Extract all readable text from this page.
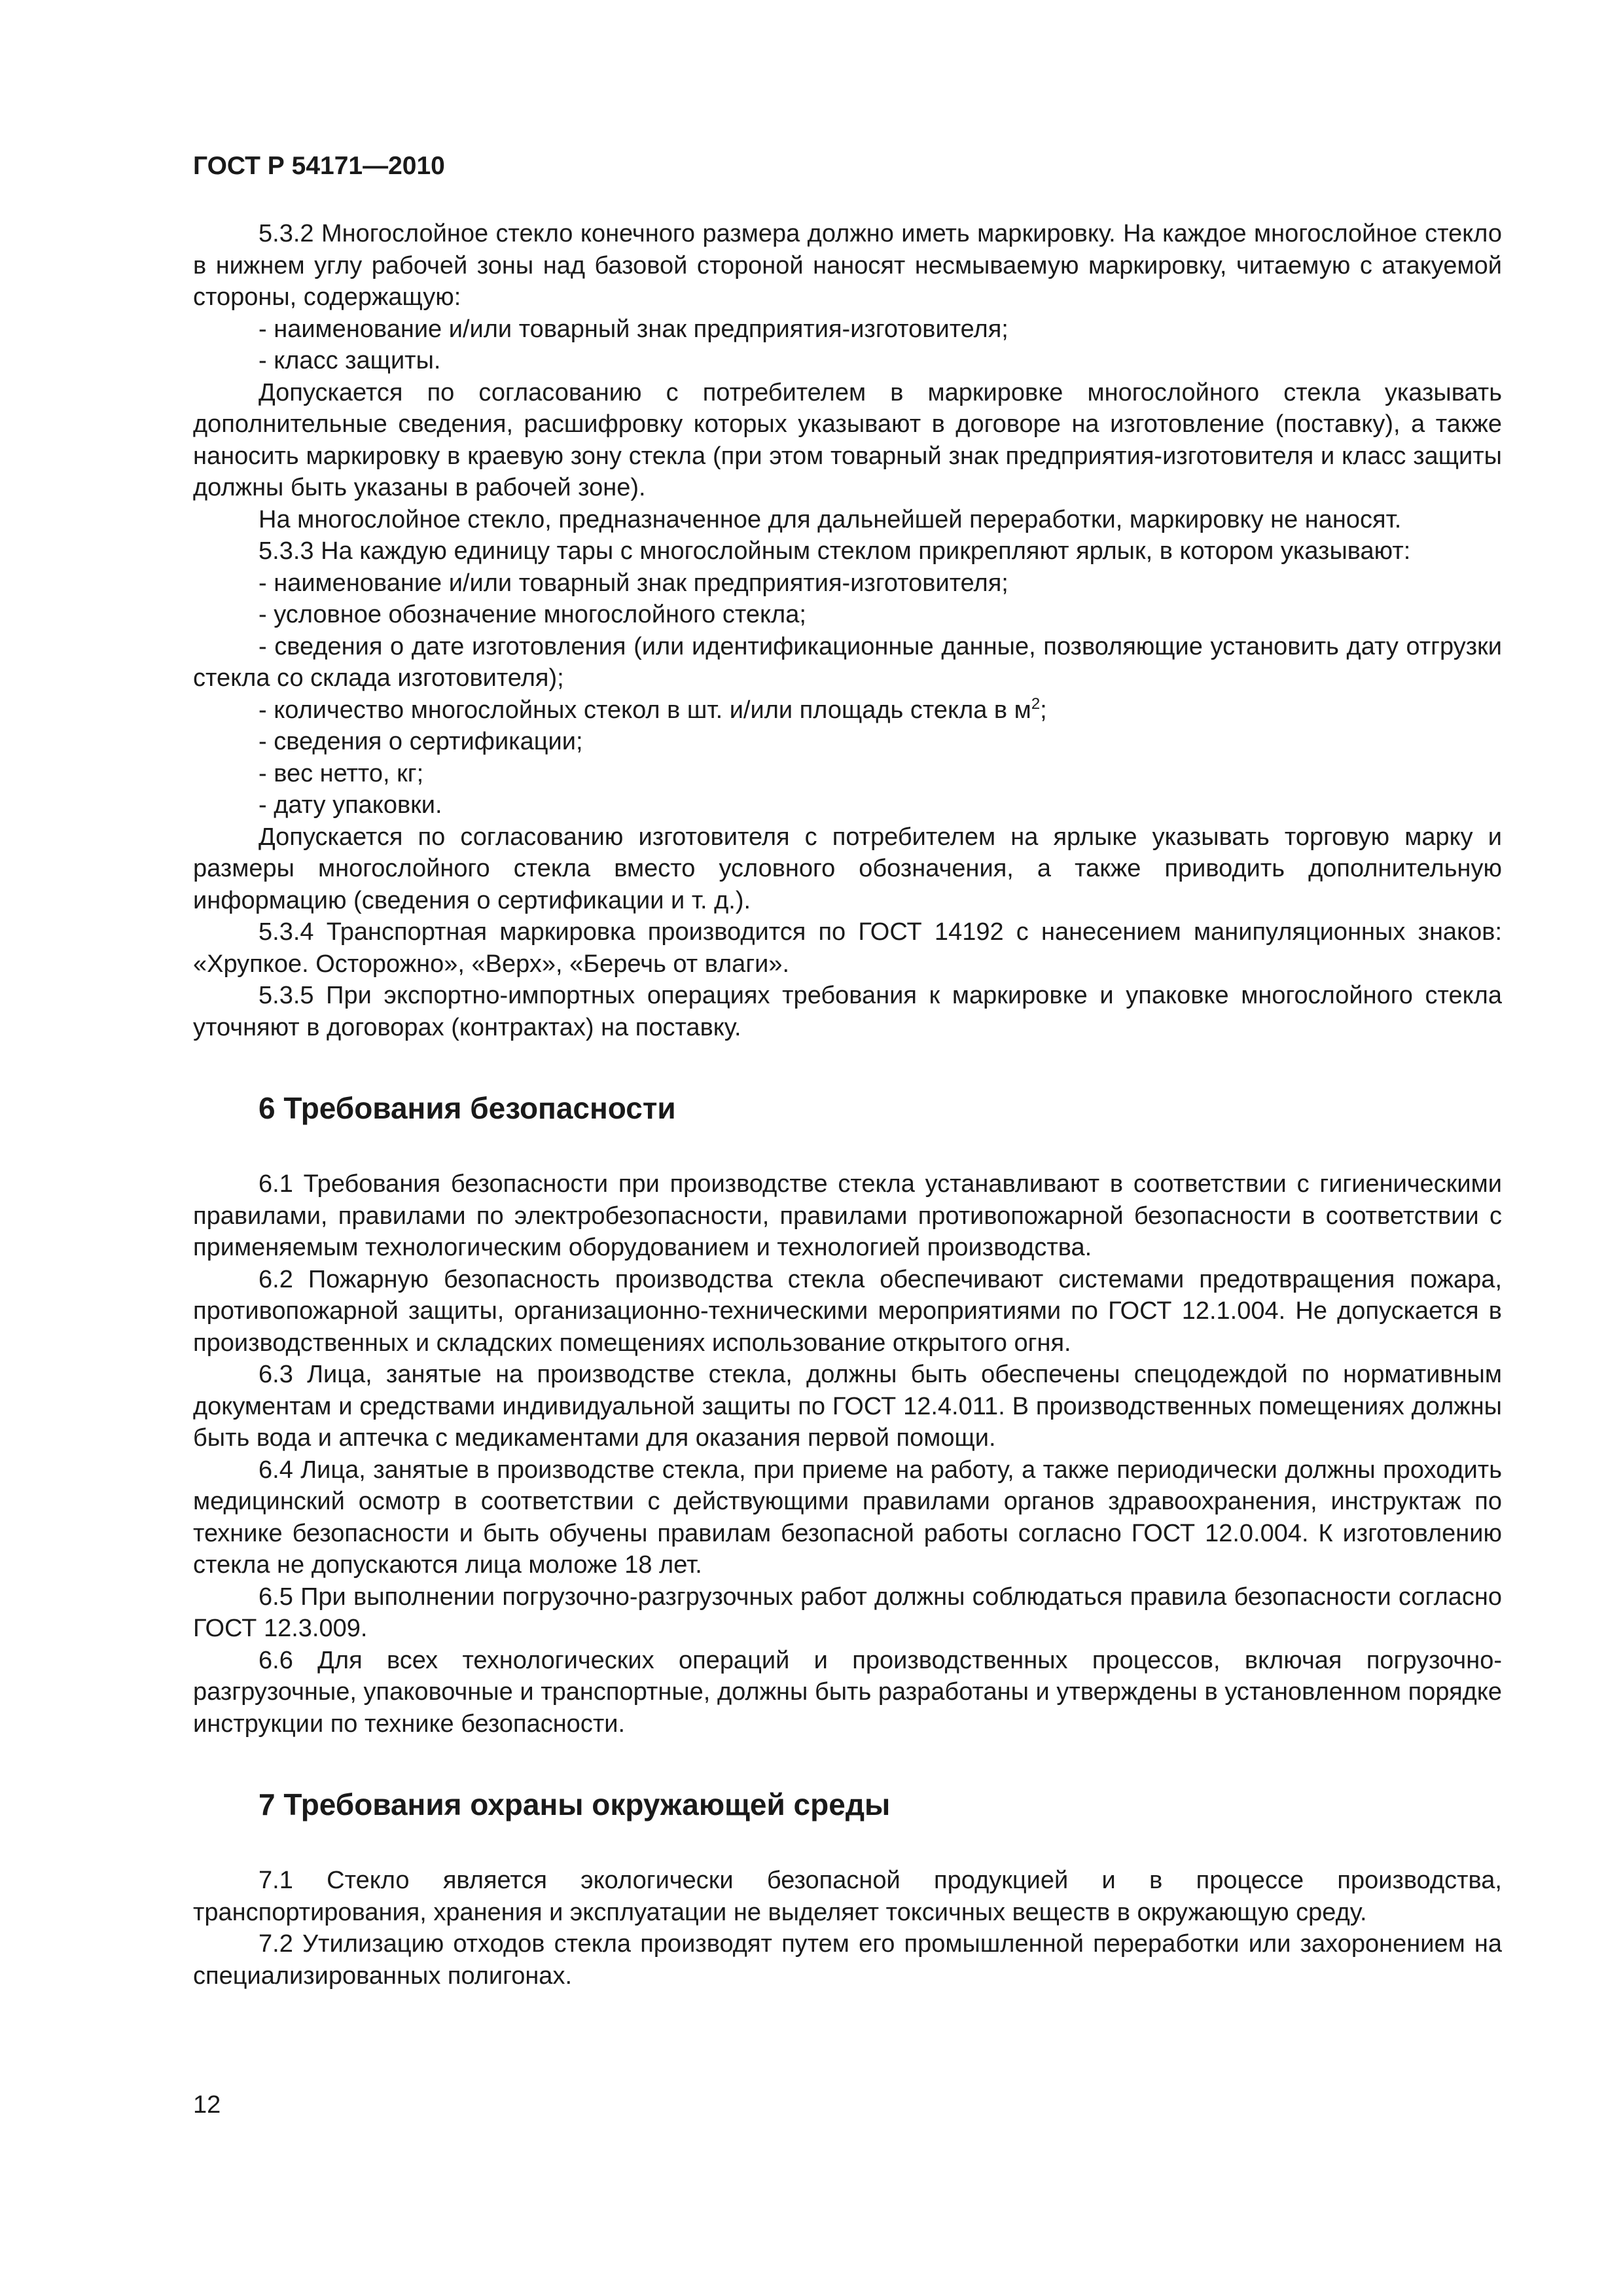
ГОСТ Р 54171—2010

5.3.2 Многослойное стекло конечного размера должно иметь маркировку. На каждое многослойное стекло в нижнем углу рабочей зоны над базовой стороной наносят несмываемую маркировку, читаемую с атакуемой стороны, содержащую:

- наименование и/или товарный знак предприятия-изготовителя;

- класс защиты.

Допускается по согласованию с потребителем в маркировке многослойного стекла указывать дополнительные сведения, расшифровку которых указывают в договоре на изготовление (поставку), а также наносить маркировку в краевую зону стекла (при этом товарный знак предприятия-изготовителя и класс защиты должны быть указаны в рабочей зоне).

На многослойное стекло, предназначенное для дальнейшей переработки, маркировку не наносят.

5.3.3 На каждую единицу тары с многослойным стеклом прикрепляют ярлык, в котором указывают:

- наименование и/или товарный знак предприятия-изготовителя;

- условное обозначение многослойного стекла;

- сведения о дате изготовления (или идентификационные данные, позволяющие установить дату отгрузки стекла со склада изготовителя);

- количество многослойных стекол в шт. и/или площадь стекла в $м^2$;

- сведения о сертификации;

- вес нетто, кг;

- дату упаковки.

Допускается по согласованию изготовителя с потребителем на ярлыке указывать торговую марку и размеры многослойного стекла вместо условного обозначения, а также приводить дополнительную информацию (сведения о сертификации и т. д.).

5.3.4 Транспортная маркировка производится по ГОСТ 14192 с нанесением манипуляционных знаков: «Хрупкое. Осторожно», «Верх», «Беречь от влаги».

5.3.5 При экспортно-импортных операциях требования к маркировке и упаковке многослойного стекла уточняют в договорах (контрактах) на поставку.

6 Требования безопасности

6.1 Требования безопасности при производстве стекла устанавливают в соответствии с гигиеническими правилами, правилами по электробезопасности, правилами противопожарной безопасности в соответствии с применяемым технологическим оборудованием и технологией производства.

6.2 Пожарную безопасность производства стекла обеспечивают системами предотвращения пожара, противопожарной защиты, организационно-техническими мероприятиями по ГОСТ 12.1.004. Не допускается в производственных и складских помещениях использование открытого огня.

6.3 Лица, занятые на производстве стекла, должны быть обеспечены спецодеждой по нормативным документам и средствами индивидуальной защиты по ГОСТ 12.4.011. В производственных помещениях должны быть вода и аптечка с медикаментами для оказания первой помощи.

6.4 Лица, занятые в производстве стекла, при приеме на работу, а также периодически должны проходить медицинский осмотр в соответствии с действующими правилами органов здравоохранения, инструктаж по технике безопасности и быть обучены правилам безопасной работы согласно ГОСТ 12.0.004. К изготовлению стекла не допускаются лица моложе 18 лет.

6.5 При выполнении погрузочно-разгрузочных работ должны соблюдаться правила безопасности согласно ГОСТ 12.3.009.

6.6 Для всех технологических операций и производственных процессов, включая погрузочно-разгрузочные, упаковочные и транспортные, должны быть разработаны и утверждены в установленном порядке инструкции по технике безопасности.

7 Требования охраны окружающей среды

7.1 Стекло является экологически безопасной продукцией и в процессе производства, транспортирования, хранения и эксплуатации не выделяет токсичных веществ в окружающую среду.

7.2 Утилизацию отходов стекла производят путем его промышленной переработки или захоронением на специализированных полигонах.

12
